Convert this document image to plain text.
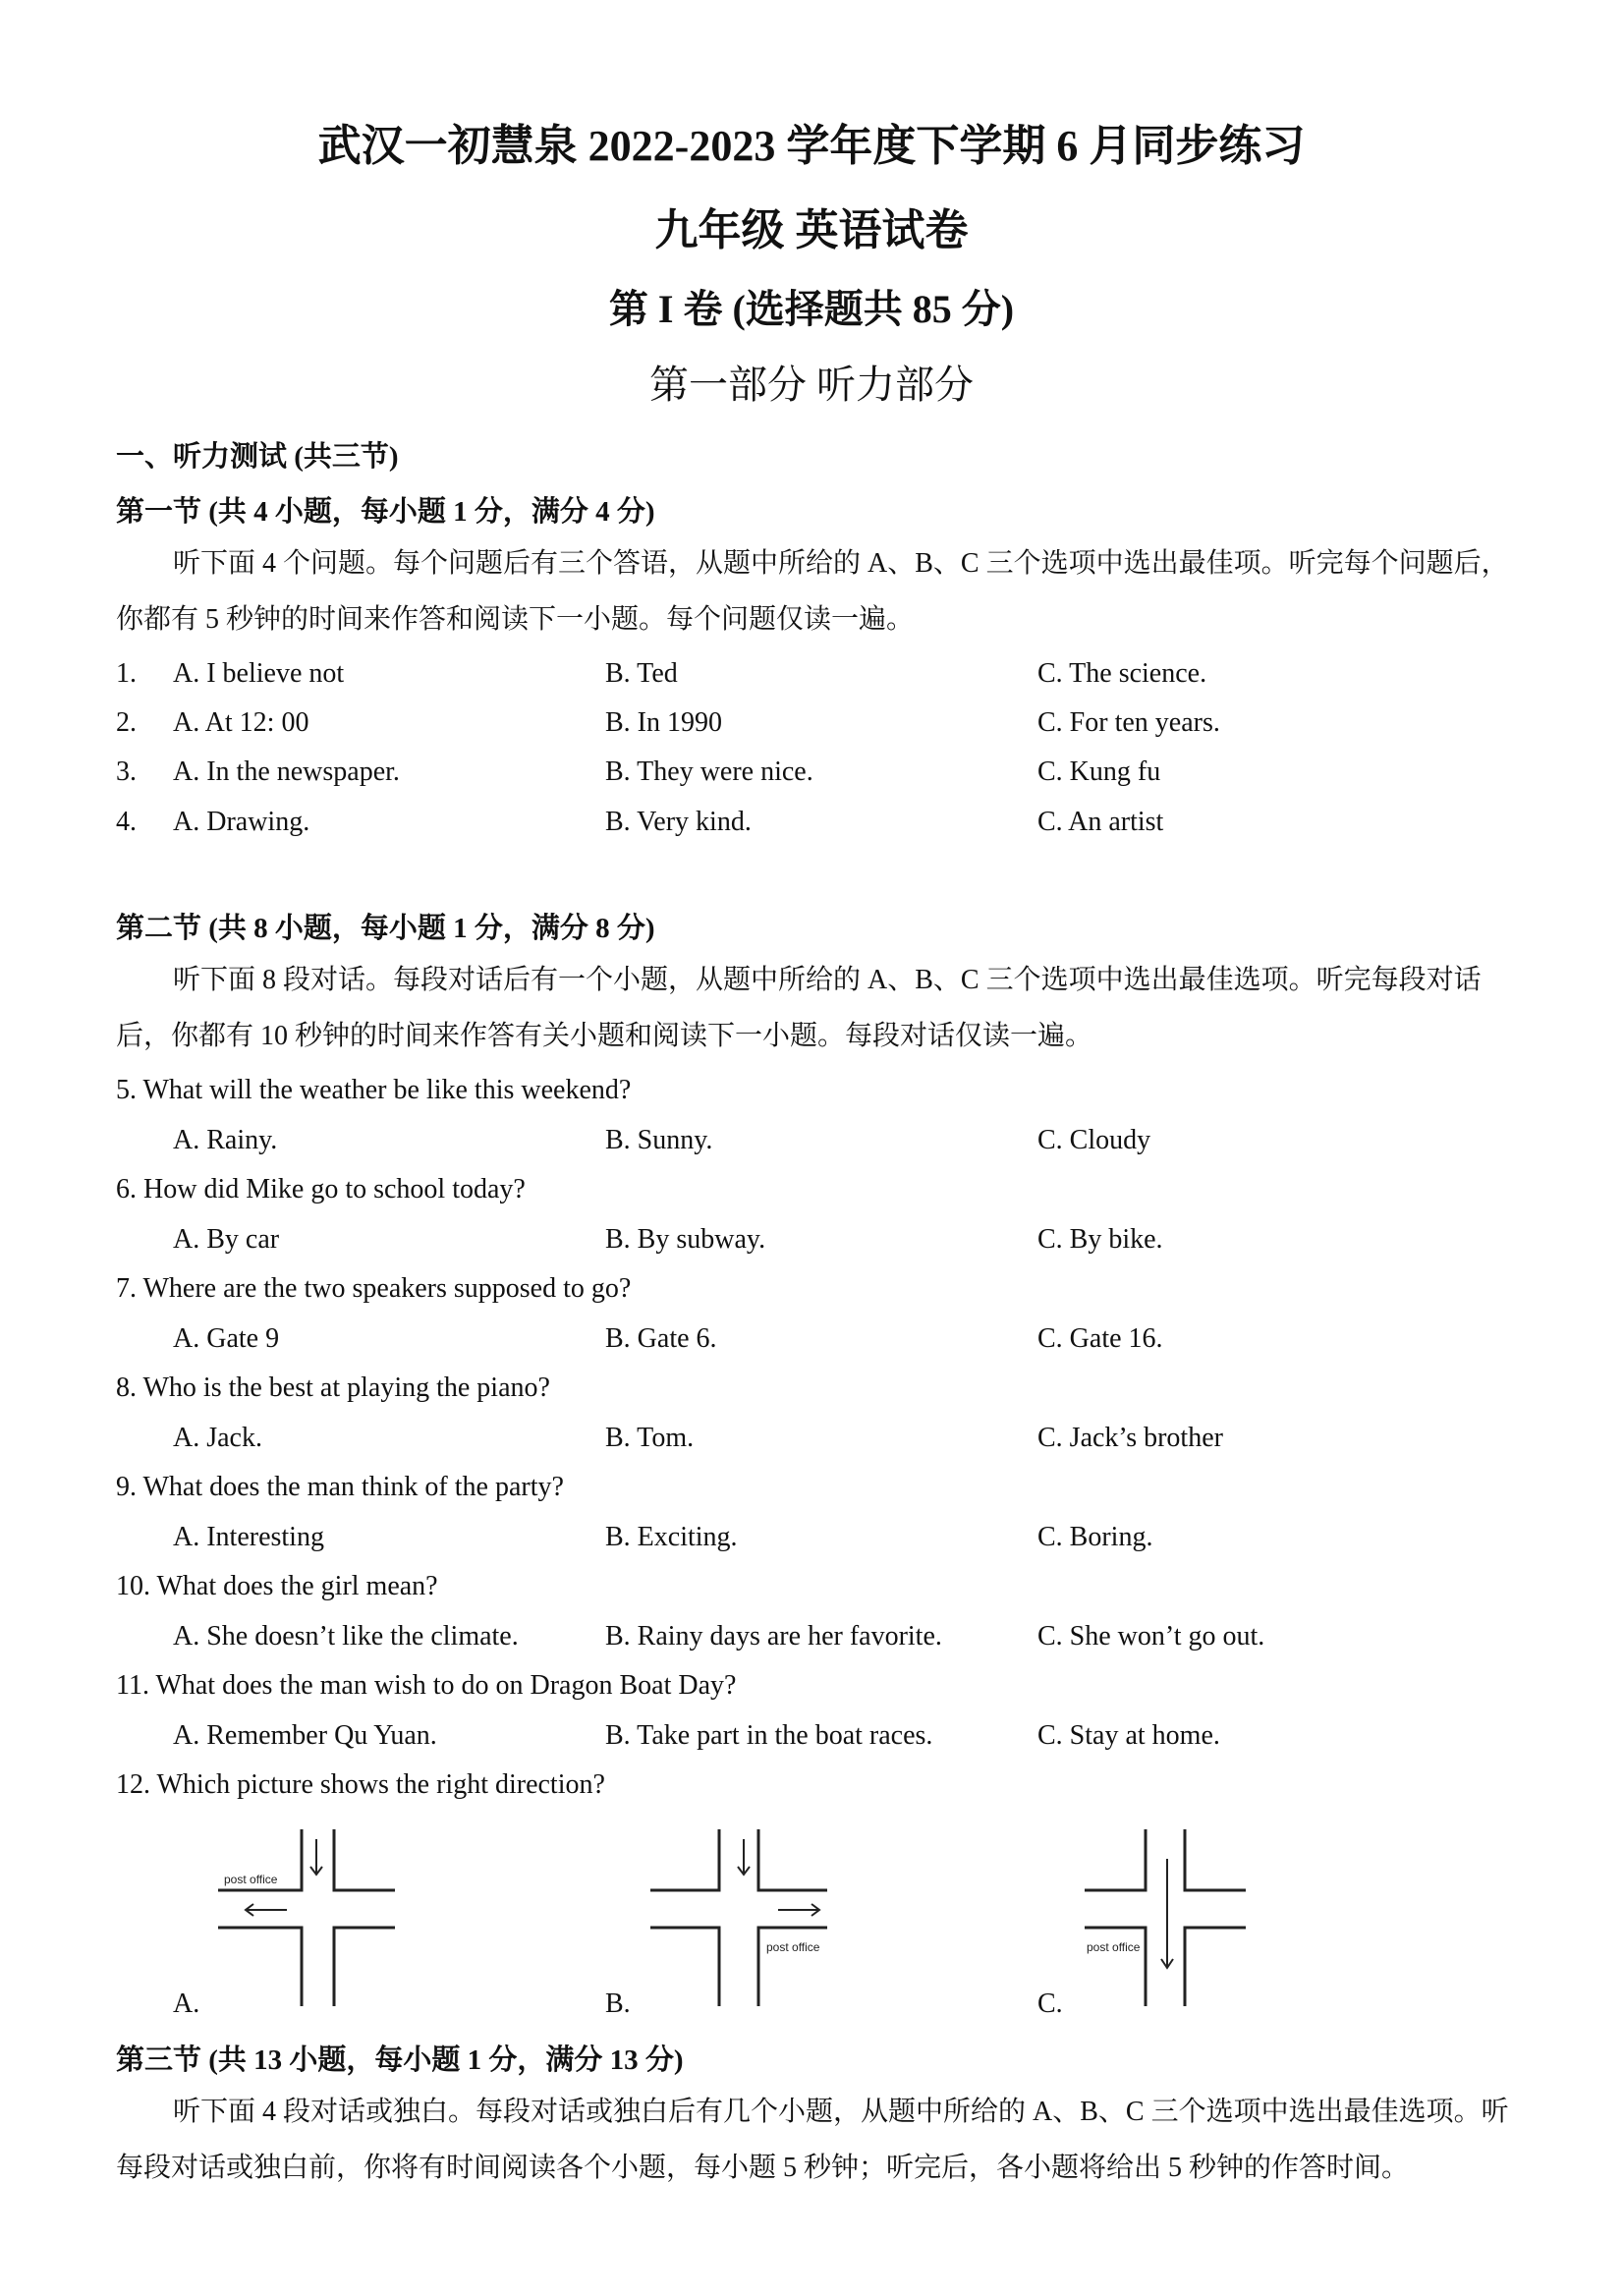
武汉一初慧泉 2022-2023 学年度下学期 6 月同步练习
九年级 英语试卷
第 I 卷 (选择题共 85 分)
第一部分 听力部分
一、听力测试 (共三节)
第一节 (共 4 小题，每小题 1 分，满分 4 分)
听下面 4 个问题。每个问题后有三个答语，从题中所给的 A、B、C 三个选项中选出最佳项。听完每个问题后，你都有 5 秒钟的时间来作答和阅读下一小题。每个问题仅读一遍。
1. A. I believe not	B. Ted	C. The science.
2. A. At 12: 00	B. In 1990	C. For ten years.
3. A. In the newspaper.	B. They were nice.	C. Kung fu
4. A. Drawing.	B. Very kind.	C. An artist
第二节 (共 8 小题，每小题 1 分，满分 8 分)
听下面 8 段对话。每段对话后有一个小题，从题中所给的 A、B、C 三个选项中选出最佳选项。听完每段对话后，你都有 10 秒钟的时间来作答有关小题和阅读下一小题。每段对话仅读一遍。
5. What will the weather be like this weekend?
A. Rainy.	B. Sunny.	C. Cloudy
6. How did Mike go to school today?
A. By car	B. By subway.	C. By bike.
7. Where are the two speakers supposed to go?
A. Gate 9	B. Gate 6.	C. Gate 16.
8. Who is the best at playing the piano?
A. Jack.	B. Tom.	C. Jack’s brother
9. What does the man think of the party?
A. Interesting	B. Exciting.	C. Boring.
10. What does the girl mean?
A. She doesn’t like the climate.	B. Rainy days are her favorite.	C. She won’t go out.
11. What does the man wish to do on Dragon Boat Day?
A. Remember Qu Yuan.	B. Take part in the boat races.	C. Stay at home.
12. Which picture shows the right direction?
post office
A.
post office
B.
post office
C.
第三节 (共 13 小题，每小题 1 分，满分 13 分)
听下面 4 段对话或独白。每段对话或独白后有几个小题，从题中所给的 A、B、C 三个选项中选出最佳选项。听每段对话或独白前，你将有时间阅读各个小题，每小题 5 秒钟；听完后，各小题将给出 5 秒钟的作答时间。
